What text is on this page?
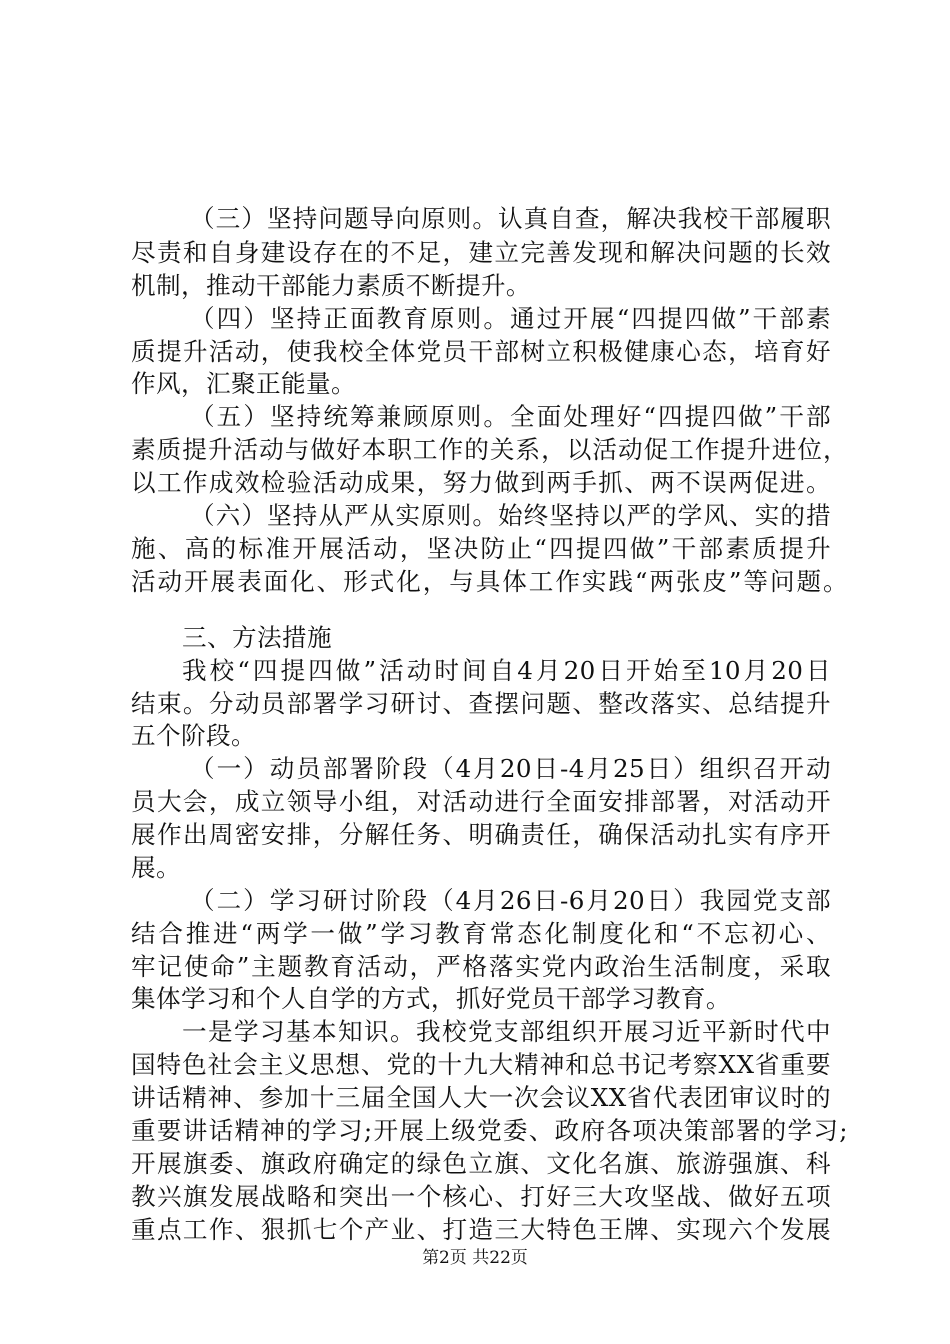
（三）坚持问题导向原则。认真自查，解决我校干部履职
尽责和自身建设存在的不足，建立完善发现和解决问题的长效
机制，推动干部能力素质不断提升。
（四）坚持正面教育原则。通过开展“四提四做”干部素
质提升活动，使我校全体党员干部树立积极健康心态，培育好
作风，汇聚正能量。
（五）坚持统筹兼顾原则。全面处理好“四提四做”干部
素质提升活动与做好本职工作的关系，以活动促工作提升进位，
以工作成效检验活动成果，努力做到两手抓、两不误两促进。
（六）坚持从严从实原则。始终坚持以严的学风、实的措
施、高的标准开展活动，坚决防止“四提四做”干部素质提升
活动开展表面化、形式化，与具体工作实践“两张皮”等问题。
三、方法措施
我校“四提四做”活动时间自4月20日开始至10月20日
结束。分动员部署学习研讨、查摆问题、整改落实、总结提升
五个阶段。
（一）动员部署阶段（4月20日-4月25日）组织召开动
员大会，成立领导小组，对活动进行全面安排部署，对活动开
展作出周密安排，分解任务、明确责任，确保活动扎实有序开
展。
（二）学习研讨阶段（4月26日-6月20日）我园党支部
结合推进“两学一做”学习教育常态化制度化和“不忘初心、
牢记使命”主题教育活动，严格落实党内政治生活制度，采取
集体学习和个人自学的方式，抓好党员干部学习教育。
一是学习基本知识。我校党支部组织开展习近平新时代中
国特色社会主义思想、党的十九大精神和总书记考察XX省重要
讲话精神、参加十三届全国人大一次会议XX省代表团审议时的
重要讲话精神的学习;开展上级党委、政府各项决策部署的学习;
开展旗委、旗政府确定的绿色立旗、文化名旗、旅游强旗、科
教兴旗发展战略和突出一个核心、打好三大攻坚战、做好五项
重点工作、狠抓七个产业、打造三大特色王牌、实现六个发展
第2页 共22页
